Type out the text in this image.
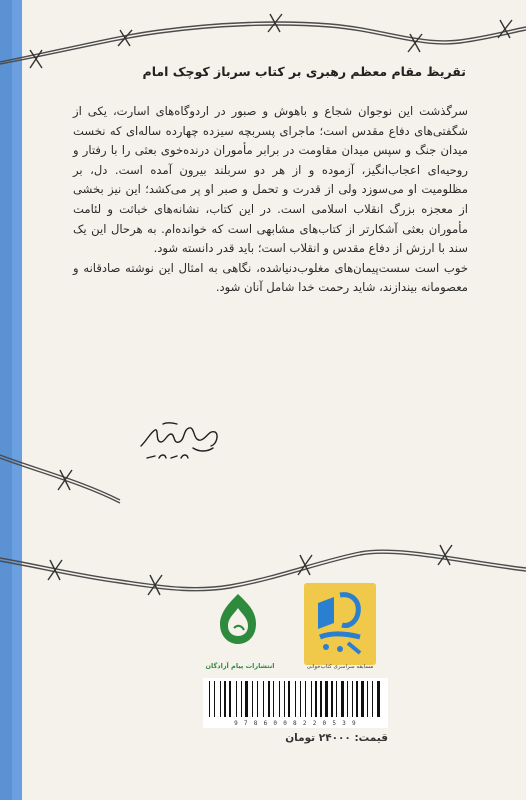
تقریظ مقام معظم رهبری بر کتاب سرباز کوچک امام

سرگذشت این نوجوان شجاع و باهوش و صبور در اردوگاه‌های اسارت، یکی از شگفتی‌های دفاع مقدس است؛ ماجرای پسربچه سیزده چهارده ساله‌ای که نخست میدان جنگ و سپس میدان مقاومت در برابر مأموران درنده‌خوی بعثی را با رفتار و روحیه‌ای اعجاب‌انگیز، آزموده و از هر دو سربلند بیرون آمده است. دل، بر مظلومیت او می‌سوزد ولی از قدرت و تحمل و صبر او پر می‌کشد؛ این نیز بخشی از معجزه بزرگ انقلاب اسلامی است. در این کتاب، نشانه‌های خباثت و لئامت مأموران بعثی آشکارتر از کتاب‌های مشابهی است که خوانده‌ام. به هرحال این یک سند با ارزش از دفاع مقدس و انقلاب است؛ باید قدر دانسته شود.

خوب است سست‌پیمان‌های مغلوب‌دنیاشده، نگاهی به امثال این نوشته صادقانه و معصومانه بیندازند، شاید رحمت خدا شامل آنان شود.

انتشارات پیام آزادگان	مسابقه سراسری کتاب‌خوانی
9 7 8 6 0 0 8 2 2 0 5 3 9
قیمت: ۲۴۰۰۰ تومان
